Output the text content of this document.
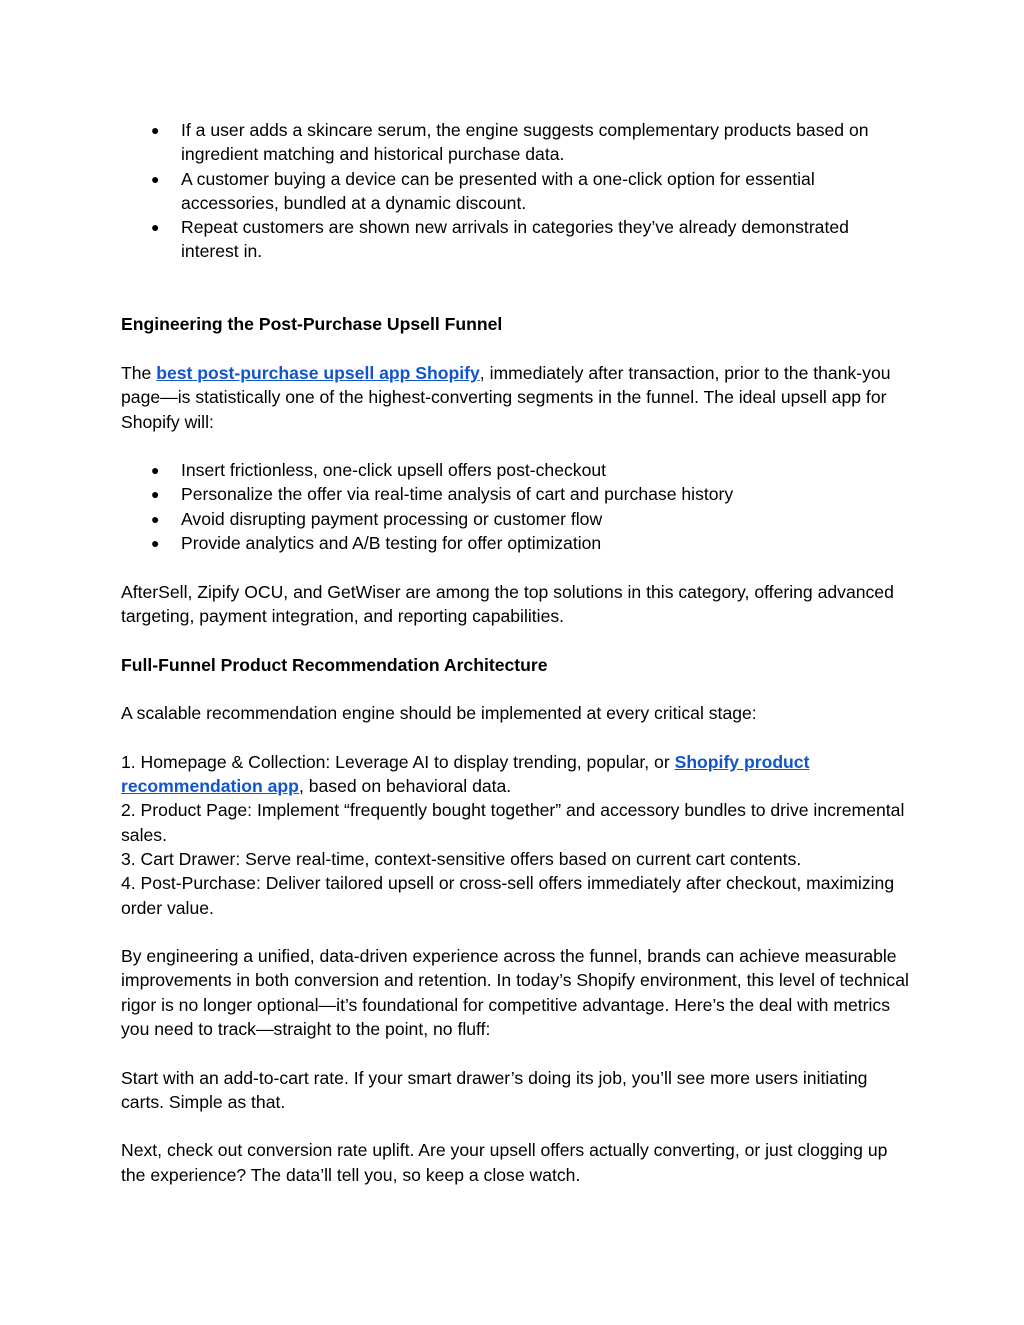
● If a user adds a skincare serum, the engine suggests complementary products based on ingredient matching and historical purchase data.
● A customer buying a device can be presented with a one-click option for essential accessories, bundled at a dynamic discount.
● Repeat customers are shown new arrivals in categories they’ve already demonstrated interest in.
Engineering the Post-Purchase Upsell Funnel

The best post-purchase upsell app Shopify, immediately after transaction, prior to the thank-you page—is statistically one of the highest-converting segments in the funnel. The ideal upsell app for Shopify will:

● Insert frictionless, one-click upsell offers post-checkout
● Personalize the offer via real-time analysis of cart and purchase history
● Avoid disrupting payment processing or customer flow
● Provide analytics and A/B testing for offer optimization

AfterSell, Zipify OCU, and GetWiser are among the top solutions in this category, offering advanced targeting, payment integration, and reporting capabilities.

Full-Funnel Product Recommendation Architecture

A scalable recommendation engine should be implemented at every critical stage:

1. Homepage & Collection: Leverage AI to display trending, popular, or Shopify product recommendation app, based on behavioral data.

2. Product Page: Implement “frequently bought together” and accessory bundles to drive incremental sales.

3. Cart Drawer: Serve real-time, context-sensitive offers based on current cart contents.

4. Post-Purchase: Deliver tailored upsell or cross-sell offers immediately after checkout, maximizing order value.

By engineering a unified, data-driven experience across the funnel, brands can achieve measurable improvements in both conversion and retention. In today’s Shopify environment, this level of technical rigor is no longer optional—it’s foundational for competitive advantage. Here’s the deal with metrics you need to track—straight to the point, no fluff:

Start with an add-to-cart rate. If your smart drawer’s doing its job, you’ll see more users initiating carts. Simple as that.

Next, check out conversion rate uplift. Are your upsell offers actually converting, or just clogging up the experience? The data’ll tell you, so keep a close watch.
